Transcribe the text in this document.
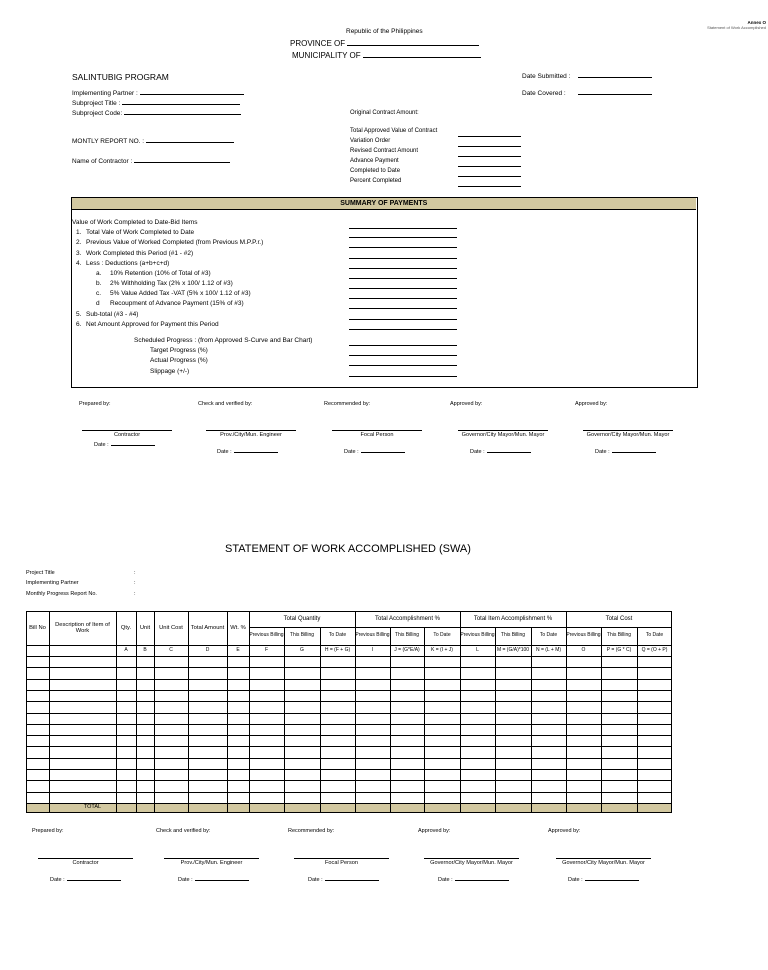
Annex O
Statement of Work Accomplished
Republic of the Philippines
PROVINCE OF
MUNICIPALITY OF
SALINTUBIG PROGRAM
Implementing Partner :
Subproject Title :
Subproject Code:
Date Submitted :
Date Covered :
MONTLY REPORT NO. :
Name of Contractor :
Original Contract Amount:
Total Approved Value of Contract
Variation Order
Revised Contract Amount
Advance Payment
Completed to Date
Percent Completed
SUMMARY OF PAYMENTS
Value of Work Completed to Date-Bid Items
1. Total Vale of Work Completed to Date
2. Previous Value of Worked Completed (from Previous M.P.P.r.)
3. Work Completed this Period (#1 - #2)
4. Less : Deductions (a+b+c+d)
a. 10% Retention (10% of Total of #3)
b. 2% Withholding Tax (2% x 100/ 1.12 of #3)
c. 5% Value Added Tax -VAT (5% x 100/ 1.12 of #3)
d Recoupment of Advance Payment (15% of #3)
5. Sub-total (#3 - #4)
6. Net Amount Approved for Payment this Period
Scheduled Progress : (from Approved S-Curve and Bar Chart)
Target Progress (%)
Actual Progress (%)
Slippage (+/-)
Prepared by:
Contractor
Date :
Check and verified by:
Prov./City/Mun. Engineer
Date :
Recommended by:
Focal Person
Date :
Approved by:
Governor/City Mayor/Mun. Mayor
Date :
Approved by:
Governor/City Mayor/Mun. Mayor
Date :
STATEMENT OF WORK ACCOMPLISHED (SWA)
Project Title	:
Implementing Partner	:
Monthly Progress Report No.	:
Bill No
Description of Item of Work
Qty.	Unit	Unit Cost	Total Amount	Wt. %
Total Quantity
Previous Billing	This Billing	To Date
Total Accomplishment %
Previous Billing	This Billing	To Date
Total Item Accomplishment %
Previous Billing	This Billing	To Date
Total Cost
Previous Billing	This Billing	To Date
A	B	C	D	E	F	G	H = (F + G)	I	J = (G*E/A)	K = (I + J)	L	M = (G/A)*100	N = (L + M)	O	P = (G * C)	Q = (O + P)
TOTAL
Prepared by:
Contractor
Date :
Check and verified by:
Prov./City/Mun. Engineer
Date :
Recommended by:
Focal Person
Date :
Approved by:
Governor/City Mayor/Mun. Mayor
Date :
Approved by:
Governor/City Mayor/Mun. Mayor
Date :
